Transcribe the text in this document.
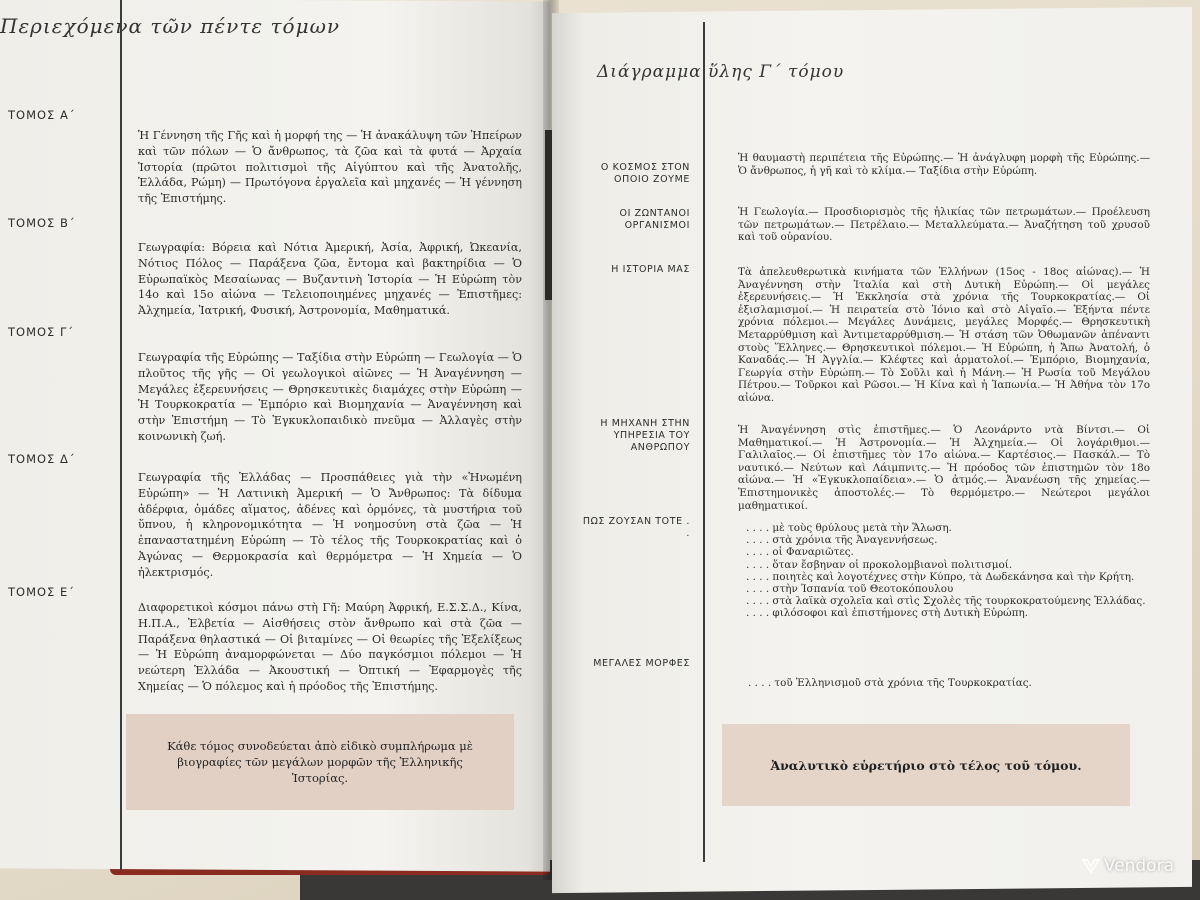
Περιεχόμενα τῶν πέντε τόμων
ΤΟΜΟΣ Α΄
Ἡ Γέννηση τῆς Γῆς καὶ ἡ μορφή της — Ἡ ἀνακάλυψη τῶν Ἠπείρων καὶ τῶν πόλων — Ὁ ἄνθρωπος, τὰ ζῶα καὶ τὰ φυτά — Ἀρχαία Ἱστορία (πρῶτοι πολιτισμοὶ τῆς Αἰγύπτου καὶ τῆς Ἀνατολῆς, Ἑλλάδα, Ρώμη) — Πρωτόγονα ἐργαλεῖα καὶ μηχανές — Ἡ γέννηση τῆς Ἐπιστήμης.
ΤΟΜΟΣ Β΄
Γεωγραφία: Βόρεια καὶ Νότια Ἀμερική, Ἀσία, Ἀφρική, Ὠκεανία, Νότιος Πόλος — Παράξενα ζῶα, ἔντομα καὶ βακτηρίδια — Ὁ Εὐρωπαϊκὸς Μεσαίωνας — Βυζαντινὴ Ἱστορία — Ἡ Εὐρώπη τὸν 14ο καὶ 15ο αἰώνα — Τελειοποιημένες μηχανές — Ἐπιστῆμες: Ἀλχημεία, Ἰατρική, Φυσική, Ἀστρονομία, Μαθηματικά.
ΤΟΜΟΣ Γ΄
Γεωγραφία τῆς Εὐρώπης — Ταξίδια στὴν Εὐρώπη — Γεωλογία — Ὁ πλοῦτος τῆς γῆς — Οἱ γεωλογικοὶ αἰῶνες — Ἡ Ἀναγέννηση — Μεγάλες ἐξερευνήσεις — Θρησκευτικὲς διαμάχες στὴν Εὐρώπη — Ἡ Τουρκοκρατία — Ἐμπόριο καὶ Βιομηχανία — Ἀναγέννηση καὶ στὴν Ἐπιστήμη — Τὸ Ἐγκυκλοπαιδικὸ πνεῦμα — Ἀλλαγὲς στὴν κοινωνικὴ ζωή.
ΤΟΜΟΣ Δ΄
Γεωγραφία τῆς Ἑλλάδας — Προσπάθειες γιὰ τὴν «Ἡνωμένη Εὐρώπη» — Ἡ Λατινικὴ Ἀμερική — Ὁ Ἄνθρωπος: Τὰ δίδυμα ἀδέρφια, ὁμάδες αἵματος, ἀδένες καὶ ὁρμόνες, τὰ μυστήρια τοῦ ὕπνου, ἡ κληρονομικότητα — Ἡ νοημοσύνη στὰ ζῶα — Ἡ ἐπαναστατημένη Εὐρώπη — Τὸ τέλος τῆς Τουρκοκρατίας καὶ ὁ Ἀγώνας — Θερμοκρασία καὶ θερμόμετρα — Ἡ Χημεία — Ὁ ἠλεκτρισμός.
ΤΟΜΟΣ Ε΄
Διαφορετικοὶ κόσμοι πάνω στὴ Γῆ: Μαύρη Ἀφρική, Ε.Σ.Σ.Δ., Κίνα, Η.Π.Α., Ἑλβετία — Αἰσθήσεις στὸν ἄνθρωπο καὶ στὰ ζῶα — Παράξενα θηλαστικά — Οἱ βιταμίνες — Οἱ θεωρίες τῆς Ἐξελίξεως — Ἡ Εὐρώπη ἀναμορφώνεται — Δύο παγκόσμιοι πόλεμοι — Ἡ νεώτερη Ἑλλάδα — Ἀκουστική — Ὀπτική — Ἐφαρμογὲς τῆς Χημείας — Ὁ πόλεμος καὶ ἡ πρόοδος τῆς Ἐπιστήμης.
Κάθε τόμος συνοδεύεται ἀπὸ εἰδικὸ συμπλήρωμα μὲ βιογραφίες τῶν μεγάλων μορφῶν τῆς Ἑλληνικῆς Ἱστορίας.
Διάγραμμα ὕλης Γ΄ τόμου
Ο ΚΟΣΜΟΣ ΣΤΟΝ ΟΠΟΙΟ ΖΟΥΜΕ
Ἡ θαυμαστὴ περιπέτεια τῆς Εὐρώπης.— Ἡ ἀνάγλυφη μορφὴ τῆς Εὐρώπης.— Ὁ ἄνθρωπος, ἡ γῆ καὶ τὸ κλίμα.— Ταξίδια στὴν Εὐρώπη.
ΟΙ ΖΩΝΤΑΝΟΙ ΟΡΓΑΝΙΣΜΟΙ
Ἡ Γεωλογία.— Προσδιορισμὸς τῆς ἡλικίας τῶν πετρωμάτων.— Προέλευση τῶν πετρωμάτων.— Πετρέλαιο.— Μεταλλεύματα.— Ἀναζήτηση τοῦ χρυσοῦ καὶ τοῦ οὐρανίου.
Η ΙΣΤΟΡΙΑ ΜΑΣ	Τὰ ἀπελευθερωτικὰ κινήματα τῶν Ἑλλήνων (15ος - 18ος αἰώνας).— Ἡ Ἀναγέννηση στὴν Ἰταλία καὶ στὴ Δυτικὴ Εὐρώπη.— Οἱ μεγάλες ἐξερευνήσεις.— Ἡ Ἐκκλησία στὰ χρόνια τῆς Τουρκοκρατίας.— Οἱ ἐξισλαμισμοί.— Ἡ πειρατεία στὸ Ἰόνιο καὶ στὸ Αἰγαῖο.— Ἑξήντα πέντε χρόνια πόλεμοι.— Μεγάλες Δυνάμεις, μεγάλες Μορφές.— Θρησκευτικὴ Μεταρρύθμιση καὶ Ἀντιμεταρρύθμιση.— Ἡ στάση τῶν Ὀθωμανῶν ἀπέναντι στοὺς Ἕλληνες.— Θρησκευτικοὶ πόλεμοι.— Ἡ Εὐρώπη, ἡ Ἄπω Ἀνατολή, ὁ Καναδάς.— Ἡ Ἀγγλία.— Κλέφτες καὶ ἁρματολοί.— Ἐμπόριο, Βιομηχανία, Γεωργία στὴν Εὐρώπη.— Τὸ Σοῦλι καὶ ἡ Μάνη.— Ἡ Ρωσία τοῦ Μεγάλου Πέτρου.— Τοῦρκοι καὶ Ρῶσοι.— Ἡ Κίνα καὶ ἡ Ἰαπωνία.— Ἡ Ἀθήνα τὸν 17ο αἰώνα.
Η ΜΗΧΑΝΗ ΣΤΗΝ ΥΠΗΡΕΣΙΑ ΤΟΥ ΑΝΘΡΩΠΟΥ
Ἡ Ἀναγέννηση στὶς ἐπιστῆμες.— Ὁ Λεονάρντο ντὰ Βίντσι.— Οἱ Μαθηματικοί.— Ἡ Ἀστρονομία.— Ἡ Ἀλχημεία.— Οἱ λογάριθμοι.— Γαλιλαῖος.— Οἱ ἐπιστῆμες τὸν 17ο αἰώνα.— Καρτέσιος.— Πασκάλ.— Τὸ ναυτικό.— Νεύτων καὶ Λάιμπνιτς.— Ἡ πρόοδος τῶν ἐπιστημῶν τὸν 18ο αἰώνα.— Ἡ «Ἐγκυκλοπαίδεια».— Ὁ ἀτμός.— Ἀνανέωση τῆς χημείας.— Ἐπιστημονικὲς ἀποστολές.— Τὸ θερμόμετρο.— Νεώτεροι μεγάλοι μαθηματικοί.
ΠΩΣ ΖΟΥΣΑΝ ΤΟΤΕ . .	. . . . μὲ τοὺς θρύλους μετὰ τὴν Ἅλωση.
. . . . στὰ χρόνια τῆς Ἀναγεννήσεως.
. . . . οἱ Φαναριῶτες.
. . . . ὅταν ἔσβηναν οἱ προκολομβιανοὶ πολιτισμοί.
. . . . ποιητὲς καὶ λογοτέχνες στὴν Κύπρο, τὰ Δωδεκάνησα καὶ τὴν Κρήτη.
. . . . στὴν Ἰσπανία τοῦ Θεοτοκόπουλου
. . . . στὰ λαϊκὰ σχολεῖα καὶ στὶς Σχολὲς τῆς τουρκοκρατούμενης Ἑλλάδας.
. . . . φιλόσοφοι καὶ ἐπιστήμονες στὴ Δυτικὴ Εὐρώπη.
ΜΕΓΑΛΕΣ ΜΟΡΦΕΣ
. . . . τοῦ Ἑλληνισμοῦ στὰ χρόνια τῆς Τουρκοκρατίας.
Ἀναλυτικὸ εὑρετήριο στὸ τέλος τοῦ τόμου.
Vendora
